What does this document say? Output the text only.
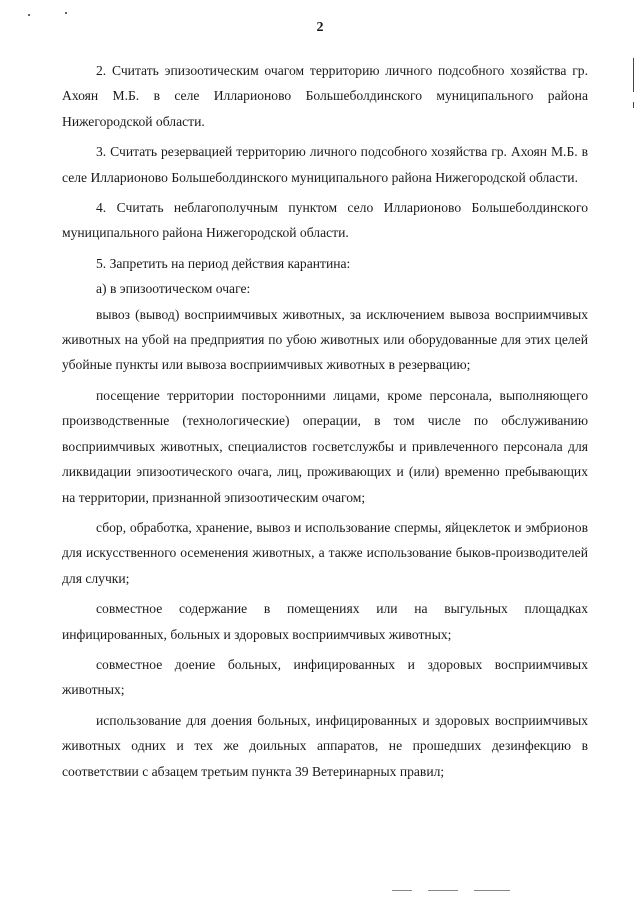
2

2. Считать эпизоотическим очагом территорию личного подсобного хозяйства гр. Ахоян М.Б. в селе Илларионово Большеболдинского муниципального района Нижегородской области.

3. Считать резервацией территорию личного подсобного хозяйства гр. Ахоян М.Б. в селе Илларионово Большеболдинского муниципального района Нижегородской области.

4. Считать неблагополучным пунктом село Илларионово Большеболдинского муниципального района Нижегородской области.

5. Запретить на период действия карантина:

а) в эпизоотическом очаге:

вывоз (вывод) восприимчивых животных, за исключением вывоза восприимчивых животных на убой на предприятия по убою животных или оборудованные для этих целей убойные пункты или вывоза восприимчивых животных в резервацию;

посещение территории посторонними лицами, кроме персонала, выполняющего производственные (технологические) операции, в том числе по обслуживанию восприимчивых животных, специалистов госветслужбы и привлеченного персонала для ликвидации эпизоотического очага, лиц, проживающих и (или) временно пребывающих на территории, признанной эпизоотическим очагом;

сбор, обработка, хранение, вывоз и использование спермы, яйцеклеток и эмбрионов для искусственного осеменения животных, а также использование быков-производителей для случки;

совместное содержание в помещениях или на выгульных площадках инфицированных, больных и здоровых восприимчивых животных;

совместное доение больных, инфицированных и здоровых восприимчивых животных;

использование для доения больных, инфицированных и здоровых восприимчивых животных одних и тех же доильных аппаратов, не прошедших дезинфекцию в соответствии с абзацем третьим пункта 39 Ветеринарных правил;
